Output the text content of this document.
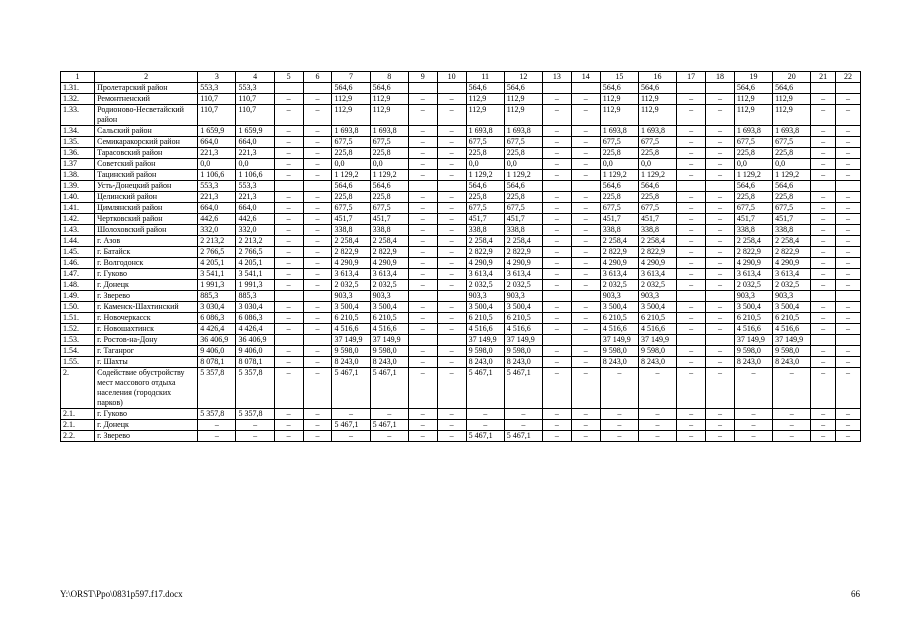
1	2	3	4	5	6	7	8	9	10	11	12	13	14	15	16	17	18	19	20	21	22
1.31.	Пролетарский район	553,3	553,3			564,6	564,6			564,6	564,6			564,6	564,6			564,6	564,6		
1.32.	Ремонтненский	110,7	110,7	–	–	112,9	112,9	–	–	112,9	112,9	–	–	112,9	112,9	–	–	112,9	112,9	–	–
1.33.	Родионово-Несветайский район	110,7	110,7	–	–	112,9	112,9	–	–	112,9	112,9	–	–	112,9	112,9	–	–	112,9	112,9	–	–
1.34.	Сальский район	1 659,9	1 659,9	–	–	1 693,8	1 693,8	–	–	1 693,8	1 693,8	–	–	1 693,8	1 693,8	–	–	1 693,8	1 693,8	–	–
1.35.	Семикаракорский район	664,0	664,0	–	–	677,5	677,5	–	–	677,5	677,5	–	–	677,5	677,5	–	–	677,5	677,5	–	–
1.36.	Тарасовский район	221,3	221,3	–	–	225,8	225,8	–	–	225,8	225,8	–	–	225,8	225,8	–	–	225,8	225,8	–	–
1.37	Советский район	0,0	0,0	–	–	0,0	0,0	–	–	0,0	0,0	–	–	0,0	0,0	–	–	0,0	0,0	–	–
1.38.	Тацинский район	1 106,6	1 106,6	–	–	1 129,2	1 129,2	–	–	1 129,2	1 129,2	–	–	1 129,2	1 129,2	–	–	1 129,2	1 129,2	–	–
1.39.	Усть-Донецкий район	553,3	553,3			564,6	564,6			564,6	564,6			564,6	564,6			564,6	564,6		
1.40.	Целинский район	221,3	221,3	–	–	225,8	225,8	–	–	225,8	225,8	–	–	225,8	225,8	–	–	225,8	225,8	–	–
1.41.	Цимлянский район	664,0	664,0	–	–	677,5	677,5	–	–	677,5	677,5	–	–	677,5	677,5	–	–	677,5	677,5	–	–
1.42.	Чертковский район	442,6	442,6	–	–	451,7	451,7	–	–	451,7	451,7	–	–	451,7	451,7	–	–	451,7	451,7	–	–
1.43.	Шолоховский район	332,0	332,0	–	–	338,8	338,8	–	–	338,8	338,8	–	–	338,8	338,8	–	–	338,8	338,8	–	–
1.44.	г. Азов	2 213,2	2 213,2	–	–	2 258,4	2 258,4	–	–	2 258,4	2 258,4	–	–	2 258,4	2 258,4	–	–	2 258,4	2 258,4	–	–
1.45.	г. Батайск	2 766,5	2 766,5	–	–	2 822,9	2 822,9	–	–	2 822,9	2 822,9	–	–	2 822,9	2 822,9	–	–	2 822,9	2 822,9	–	–
1.46.	г. Волгодонск	4 205,1	4 205,1	–	–	4 290,9	4 290,9	–	–	4 290,9	4 290,9	–	–	4 290,9	4 290,9	–	–	4 290,9	4 290,9	–	–
1.47.	г. Гуково	3 541,1	3 541,1	–	–	3 613,4	3 613,4	–	–	3 613,4	3 613,4	–	–	3 613,4	3 613,4	–	–	3 613,4	3 613,4	–	–
1.48.	г. Донецк	1 991,3	1 991,3	–	–	2 032,5	2 032,5	–	–	2 032,5	2 032,5	–	–	2 032,5	2 032,5	–	–	2 032,5	2 032,5	–	–
1.49.	г. Зверево	885,3	885,3			903,3	903,3			903,3	903,3			903,3	903,3			903,3	903,3		
1.50.	г. Каменск-Шахтинский	3 030,4	3 030,4	–	–	3 500,4	3 500,4	–	–	3 500,4	3 500,4	–	–	3 500,4	3 500,4	–	–	3 500,4	3 500,4	–	–
1.51.	г. Новочеркасск	6 086,3	6 086,3	–	–	6 210,5	6 210,5	–	–	6 210,5	6 210,5	–	–	6 210,5	6 210,5	–	–	6 210,5	6 210,5	–	–
1.52.	г. Новошахтинск	4 426,4	4 426,4	–	–	4 516,6	4 516,6	–	–	4 516,6	4 516,6	–	–	4 516,6	4 516,6	–	–	4 516,6	4 516,6	–	–
1.53.	г. Ростов-на-Дону	36 406,9	36 406,9			37 149,9	37 149,9			37 149,9	37 149,9			37 149,9	37 149,9			37 149,9	37 149,9		
1.54.	г. Таганрог	9 406,0	9 406,0	–	–	9 598,0	9 598,0	–	–	9 598,0	9 598,0	–	–	9 598,0	9 598,0	–	–	9 598,0	9 598,0	–	–
1.55.	г. Шахты	8 078,1	8 078,1	–	–	8 243,0	8 243,0	–	–	8 243,0	8 243,0	–	–	8 243,0	8 243,0	–	–	8 243,0	8 243,0	–	–
2.	Содействие обустройству мест массового отдыха населения (городских парков)	5 357,8	5 357,8	–	–	5 467,1	5 467,1	–	–	5 467,1	5 467,1	–	–	–	–	–	–	–	–	–	–
2.1.	г. Гуково	5 357,8	5 357,8	–	–	–	–	–	–	–	–	–	–	–	–	–	–	–	–	–	–
2.1.	г. Донецк	–	–	–	–	5 467,1	5 467,1	–	–	–	–	–	–	–	–	–	–	–	–	–	–
2.2.	г. Зверево	–	–	–	–	–	–	–	–	5 467,1	5 467,1	–	–	–	–	–	–	–	–	–	–
Y:\ORST\Ppo\0831p597.f17.docx	66
